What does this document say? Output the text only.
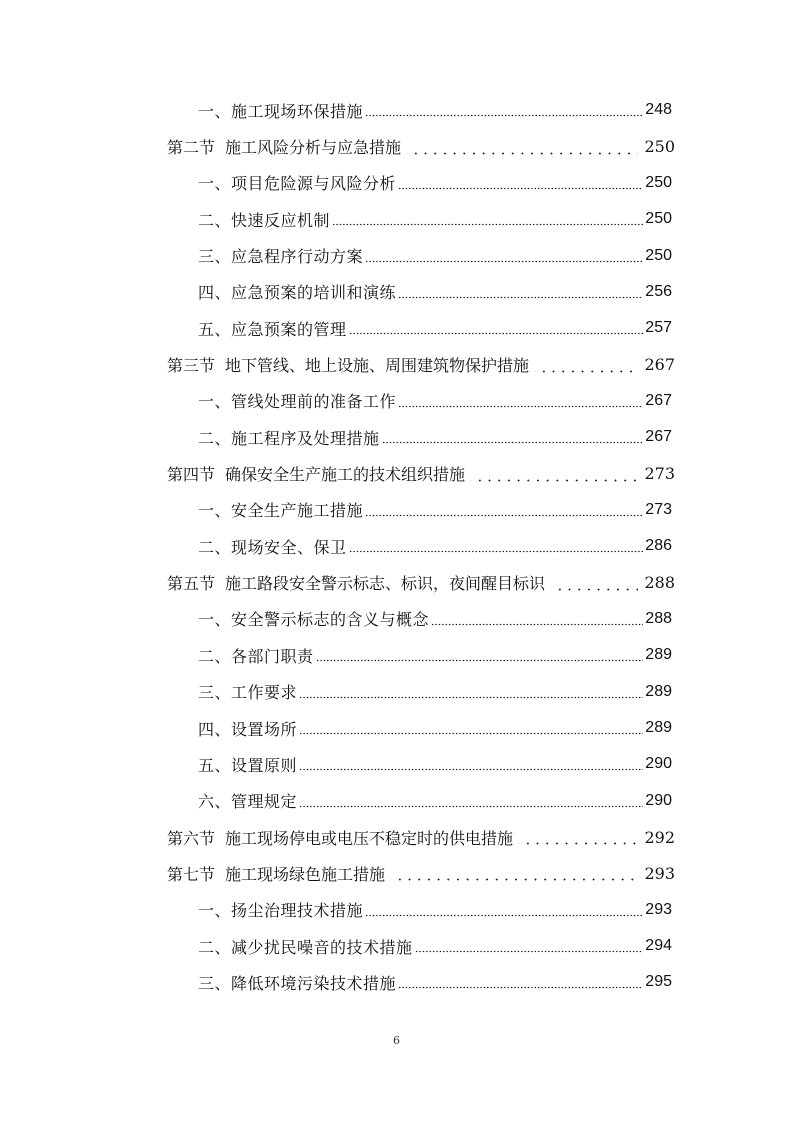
一、施工现场环保措施	248
第二节 施工风险分析与应急措施	250
一、项目危险源与风险分析	250
二、快速反应机制	250
三、应急程序行动方案	250
四、应急预案的培训和演练	256
五、应急预案的管理	257
第三节 地下管线、地上设施、周围建筑物保护措施	267
一、管线处理前的准备工作	267
二、施工程序及处理措施	267
第四节 确保安全生产施工的技术组织措施	273
一、安全生产施工措施	273
二、现场安全、保卫	286
第五节 施工路段安全警示标志、标识，夜间醒目标识	288
一、安全警示标志的含义与概念	288
二、各部门职责	289
三、工作要求	289
四、设置场所	289
五、设置原则	290
六、管理规定	290
第六节 施工现场停电或电压不稳定时的供电措施	292
第七节 施工现场绿色施工措施	293
一、扬尘治理技术措施	293
二、减少扰民噪音的技术措施	294
三、降低环境污染技术措施	295
6
